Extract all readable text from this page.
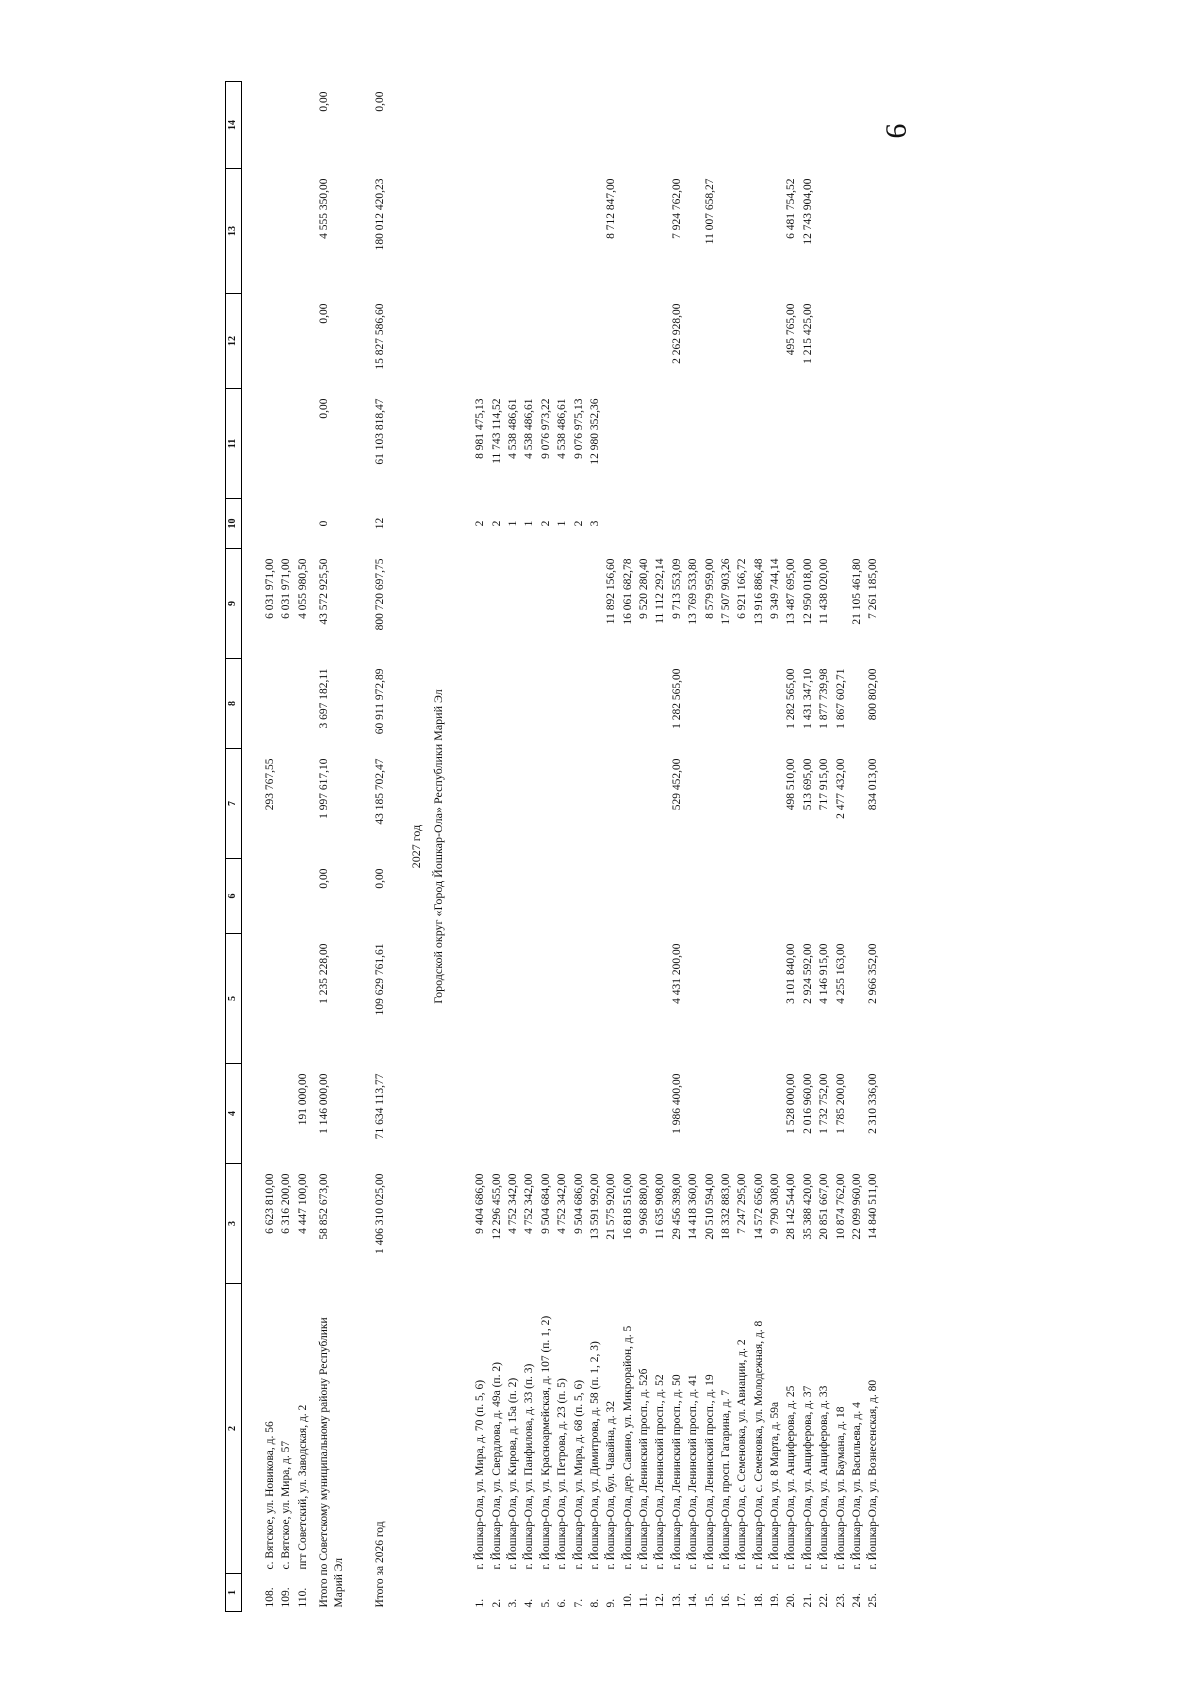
9
1	2	3	4	5	6	7	8	9	10	11	12	13	14

108.	с. Вятское, ул. Новикова, д. 56	6 623 810,00				293 767,55		6 031 971,00					
109.	с. Вятское, ул. Мира, д. 57	6 316 200,00						6 031 971,00					
110.	пгт Советский, ул. Заводская, д. 2	4 447 100,00	191 000,00					4 055 980,50					
Итого по Советскому муниципальному району Республики Марий Эл		58 852 673,00	1 146 000,00	1 235 228,00	0,00	1 997 617,10	3 697 182,11	43 572 925,50	0	0,00	0,00	4 555 350,00	0,00

Итого за 2026 год		1 406 310 025,00	71 634 113,77	109 629 761,61	0,00	43 185 702,47	60 911 972,89	800 720 697,75	12	61 103 818,47	15 827 586,60	180 012 420,23	0,00

2027 год													
Городской округ «Город Йошкар-Ола» Республики Марий Эл													

1.	г. Йошкар-Ола, ул. Мира, д. 70 (п. 5, 6)	9 404 686,00							2	8 981 475,13			
2.	г. Йошкар-Ола, ул. Свердлова, д. 49а (п. 2)	12 296 455,00							2	11 743 114,52			
3.	г. Йошкар-Ола, ул. Кирова, д. 15а (п. 2)	4 752 342,00							1	4 538 486,61			
4.	г. Йошкар-Ола, ул. Панфилова, д. 33 (п. 3)	4 752 342,00							1	4 538 486,61			
5.	г. Йошкар-Ола, ул. Красноармейская, д. 107 (п. 1, 2)	9 504 684,00							2	9 076 973,22			
6.	г. Йошкар-Ола, ул. Петрова, д. 23 (п. 5)	4 752 342,00							1	4 538 486,61			
7.	г. Йошкар-Ола, ул. Мира, д. 68 (п. 5, 6)	9 504 686,00							2	9 076 975,13			
8.	г. Йошкар-Ола, ул. Димитрова, д. 58 (п. 1, 2, 3)	13 591 992,00							3	12 980 352,36			
9.	г. Йошкар-Ола, бул. Чавайна, д. 32	21 575 920,00						11 892 156,60				8 712 847,00	
10.	г. Йошкар-Ола, дер. Савино, ул. Микрорайон, д. 5	16 818 516,00						16 061 682,78					
11.	г. Йошкар-Ола, Ленинский просп., д. 52б	9 968 880,00						9 520 280,40					
12.	г. Йошкар-Ола, Ленинский просп., д. 52	11 635 908,00						11 112 292,14					
13.	г. Йошкар-Ола, Ленинский просп., д. 50	29 456 398,00	1 986 400,00	4 431 200,00		529 452,00	1 282 565,00	9 713 553,09			2 262 928,00	7 924 762,00	
14.	г. Йошкар-Ола, Ленинский просп., д. 41	14 418 360,00						13 769 533,80					
15.	г. Йошкар-Ола, Ленинский просп., д. 19	20 510 594,00						8 579 959,00				11 007 658,27	
16.	г. Йошкар-Ола, просп. Гагарина, д. 7	18 332 883,00						17 507 903,26					
17.	г. Йошкар-Ола, с. Семеновка, ул. Авиации, д. 2	7 247 295,00						6 921 166,72					
18.	г. Йошкар-Ола, с. Семеновка, ул. Молодежная, д. 8	14 572 656,00						13 916 886,48					
19.	г. Йошкар-Ола, ул. 8 Марта, д. 59а	9 790 308,00						9 349 744,14					
20.	г. Йошкар-Ола, ул. Анциферова, д. 25	28 142 544,00	1 528 000,00	3 101 840,00		498 510,00	1 282 565,00	13 487 695,00			495 765,00	6 481 754,52	
21.	г. Йошкар-Ола, ул. Анциферова, д. 37	35 388 420,00	2 016 960,00	2 924 592,00		513 695,00	1 431 347,10	12 950 018,00			1 215 425,00	12 743 904,00	
22.	г. Йошкар-Ола, ул. Анциферова, д. 33	20 851 667,00	1 732 752,00	4 146 915,00		717 915,00	1 877 739,98	11 438 020,00					
23.	г. Йошкар-Ола, ул. Баумана, д. 18	10 874 762,00	1 785 200,00	4 255 163,00		2 477 432,00	1 867 602,71						
24.	г. Йошкар-Ола, ул. Васильева, д. 4	22 099 960,00						21 105 461,80					
25.	г. Йошкар-Ола, ул. Вознесенская, д. 80	14 840 511,00	2 310 336,00	2 966 352,00		834 013,00	800 802,00	7 261 185,00					
